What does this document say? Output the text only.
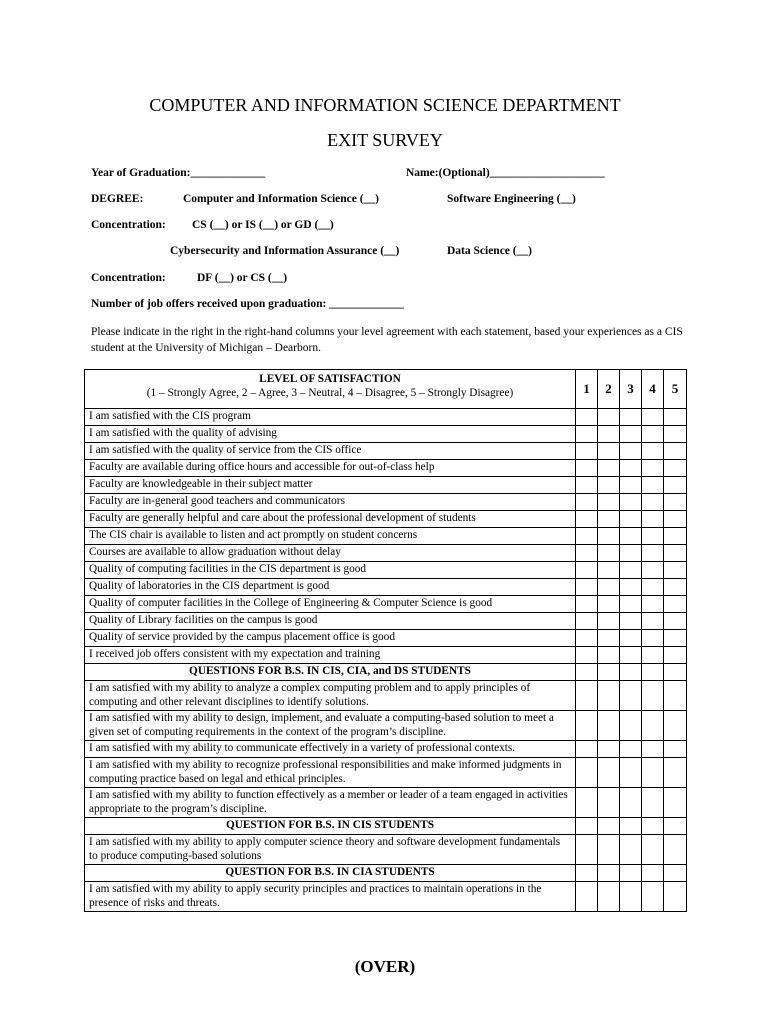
COMPUTER AND INFORMATION SCIENCE DEPARTMENT
EXIT SURVEY
Year of Graduation:_____________	Name:(Optional)____________________
DEGREE:	Computer and Information Science (__)	Software Engineering (__)
Concentration: CS (__) or IS (__) or GD (__)
Cybersecurity and Information Assurance (__)	Data Science (__)
Concentration:	DF (__) or CS (__)
Number of job offers received upon graduation: _____________
Please indicate in the right in the right-hand columns your level agreement with each statement, based your experiences as a CIS student at the University of Michigan – Dearborn.
LEVEL OF SATISFACTION
(1 – Strongly Agree, 2 – Agree, 3 – Neutral, 4 – Disagree, 5 – Strongly Disagree)	1	2	3	4	5
I am satisfied with the CIS program					
I am satisfied with the quality of advising					
I am satisfied with the quality of service from the CIS office					
Faculty are available during office hours and accessible for out-of-class help					
Faculty are knowledgeable in their subject matter					
Faculty are in-general good teachers and communicators					
Faculty are generally helpful and care about the professional development of students					
The CIS chair is available to listen and act promptly on student concerns					
Courses are available to allow graduation without delay					
Quality of computing facilities in the CIS department is good					
Quality of laboratories in the CIS department is good					
Quality of computer facilities in the College of Engineering & Computer Science is good					
Quality of Library facilities on the campus is good					
Quality of service provided by the campus placement office is good					
I received job offers consistent with my expectation and training					
QUESTIONS FOR B.S. IN CIS, CIA, and DS STUDENTS					
I am satisfied with my ability to analyze a complex computing problem and to apply principles of computing and other relevant disciplines to identify solutions.					
I am satisfied with my ability to design, implement, and evaluate a computing-based solution to meet a given set of computing requirements in the context of the program’s discipline.					
I am satisfied with my ability to communicate effectively in a variety of professional contexts.					
I am satisfied with my ability to recognize professional responsibilities and make informed judgments in computing practice based on legal and ethical principles.					
I am satisfied with my ability to function effectively as a member or leader of a team engaged in activities appropriate to the program’s discipline.					
QUESTION FOR B.S. IN CIS STUDENTS					
I am satisfied with my ability to apply computer science theory and software development fundamentals to produce computing-based solutions					
QUESTION FOR B.S. IN CIA STUDENTS					
I am satisfied with my ability to apply security principles and practices to maintain operations in the presence of risks and threats.					
(OVER)
